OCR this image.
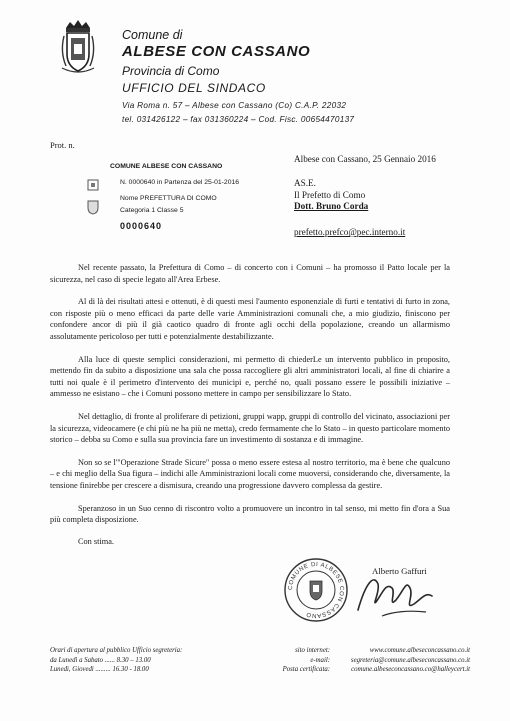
Comune di
ALBESE CON CASSANO
Provincia di Como
UFFICIO DEL SINDACO
Via Roma n. 57 – Albese con Cassano (Co) C.A.P. 22032
tel. 031426122 – fax 031360224 – Cod. Fisc. 00654470137
Prot. n.
COMUNE ALBESE CON CASSANO
N. 0000640 in Partenza del 25-01-2016
Nome PREFETTURA DI COMO
Categoria 1 Classe 5
0000640
Albese con Cassano, 25 Gennaio 2016
AS.E.
Il Prefetto di Como
Dott. Bruno Corda
prefetto.prefco@pec.interno.it

Nel recente passato, la Prefettura di Como – di concerto con i Comuni – ha promosso il Patto locale per la sicurezza, nel caso di specie legato all'Area Erbese.

Al di là dei risultati attesi e ottenuti, è di questi mesi l'aumento esponenziale di furti e tentativi di furto in zona, con risposte più o meno efficaci da parte delle varie Amministrazioni comunali che, a mio giudizio, finiscono per confondere ancor di più il già caotico quadro di fronte agli occhi della popolazione, creando un allarmismo assolutamente pericoloso per tutti e potenzialmente destabilizzante.

Alla luce di queste semplici considerazioni, mi permetto di chiederLe un intervento pubblico in proposito, mettendo fin da subito a disposizione una sala che possa raccogliere gli altri amministratori locali, al fine di chiarire a tutti noi quale è il perimetro d'intervento dei municipi e, perché no, quali possano essere le possibili iniziative – ammesso ne esistano – che i Comuni possono mettere in campo per sensibilizzare lo Stato.

Nel dettaglio, di fronte al proliferare di petizioni, gruppi wapp, gruppi di controllo del vicinato, associazioni per la sicurezza, videocamere (e chi più ne ha più ne metta), credo fermamente che lo Stato – in questo particolare momento storico – debba su Como e sulla sua provincia fare un investimento di sostanza e di immagine.

Non so se l'"Operazione Strade Sicure" possa o meno essere estesa al nostro territorio, ma è bene che qualcuno – e chi meglio della Sua figura – indichi alle Amministrazioni locali come muoversi, considerando che, diversamente, la tensione finirebbe per crescere a dismisura, creando una progressione davvero complessa da gestire.

Speranzoso in un Suo cenno di riscontro volto a promuovere un incontro in tal senso, mi metto fin d'ora a Sua più completa disposizione.

Con stima.

COMUNE DI ALBESE CON CASSANO
Alberto Gaffuri
Orari di apertura al pubblico Ufficio segreteria:
da Lunedì a Sabato ...... 8.30 – 13.00
Lunedì, Giovedì ......... 16.30 - 18.00
sito internet:
e-mail:
Posta certificata:
www.comune.albeseconcassano.co.it
segreteria@comune.albeseconcassano.co.it
comune.albeseconcassano.co@halleycert.it
